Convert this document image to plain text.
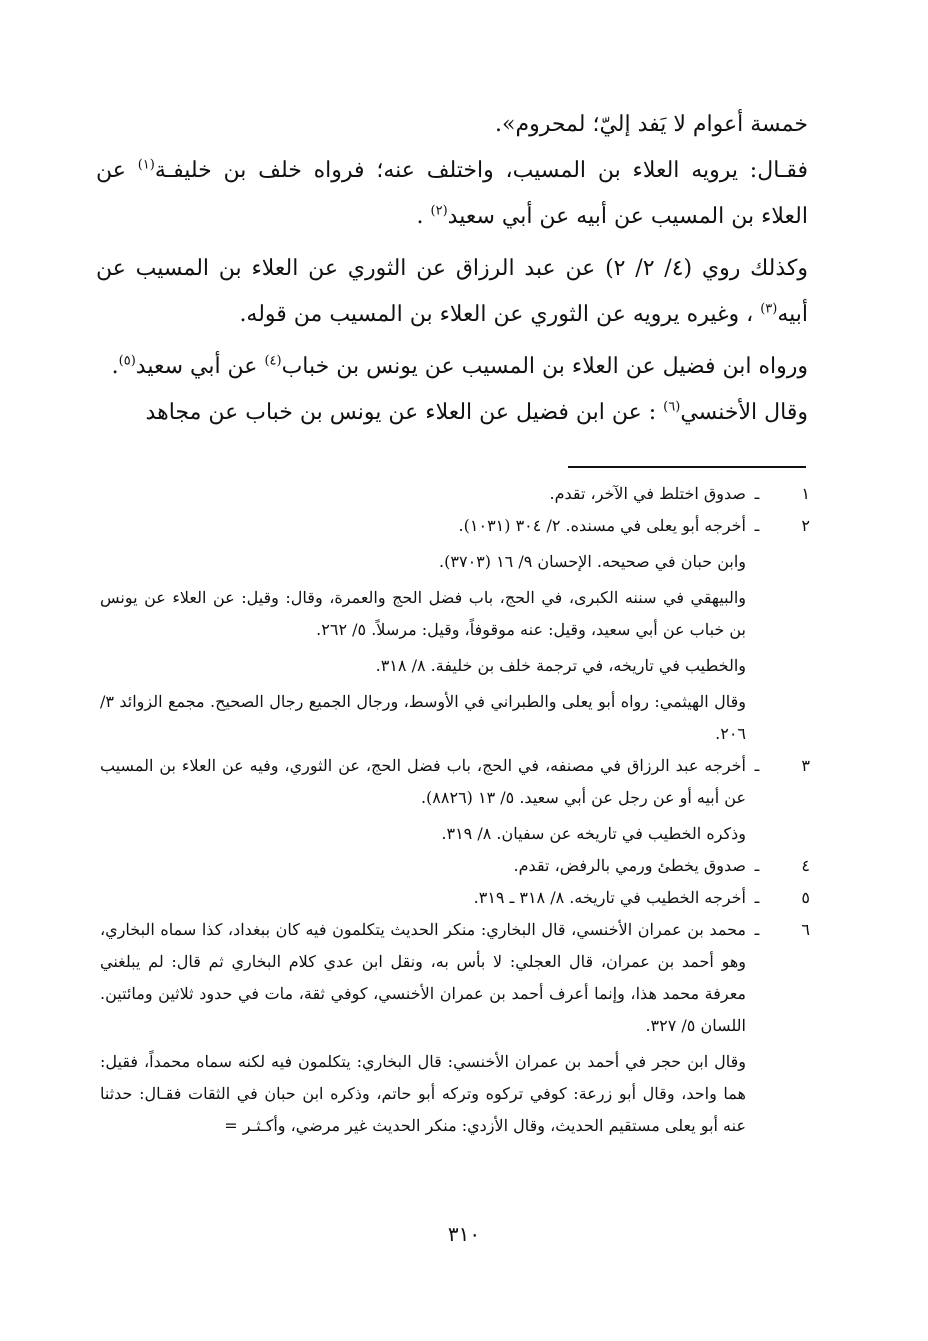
خمسة أعوام لا يَفد إليّ؛ لمحروم».

فقـال: يرويه العلاء بن المسيب، واختلف عنه؛ فرواه خلف بن خليفـة$^{(١)}$ عن العلاء بن المسيب عن أبيه عن أبي سعيد$^{(٢)}$ .

وكذلك روي (٤/ ٢/ ٢) عن عبد الرزاق عن الثوري عن العلاء بن المسيب عن أبيه$^{(٣)}$ ، وغيره يرويه عن الثوري عن العلاء بن المسيب من قوله.

ورواه ابن فضيل عن العلاء بن المسيب عن يونس بن خباب$^{(٤)}$ عن أبي سعيد$^{(٥)}$.

وقال الأخنسي$^{(٦)}$ : عن ابن فضيل عن العلاء عن يونس بن خباب عن مجاهد

١
ـ

صدوق اختلط في الآخر، تقدم.

٢
ـ

أخرجه أبو يعلى في مسنده. ٢/ ٣٠٤ (١٠٣١).

وابن حبان في صحيحه. الإحسان ٩/ ١٦ (٣٧٠٣).

والبيهقي في سننه الكبرى، في الحج، باب فضل الحج والعمرة، وقال: وقيل: عن العلاء عن يونس بن خباب عن أبي سعيد، وقيل: عنه موقوفاً، وقيل: مرسلاً. ٥/ ٢٦٢.

والخطيب في تاريخه، في ترجمة خلف بن خليفة. ٨/ ٣١٨.

وقال الهيثمي: رواه أبو يعلى والطبراني في الأوسط، ورجال الجميع رجال الصحيح. مجمع الزوائد ٣/ ٢٠٦.

٣
ـ

أخرجه عبد الرزاق في مصنفه، في الحج، باب فضل الحج، عن الثوري، وفيه عن العلاء بن المسيب عن أبيه أو عن رجل عن أبي سعيد. ٥/ ١٣ (٨٨٢٦).

وذكره الخطيب في تاريخه عن سفيان. ٨/ ٣١٩.

٤
ـ

صدوق يخطئ ورمي بالرفض، تقدم.

٥
ـ

أخرجه الخطيب في تاريخه. ٨/ ٣١٨ ـ ٣١٩.

٦
ـ

محمد بن عمران الأخنسي، قال البخاري: منكر الحديث يتكلمون فيه كان ببغداد، كذا سماه البخاري، وهو أحمد بن عمران، قال العجلي: لا بأس به، ونقل ابن عدي كلام البخاري ثم قال: لم يبلغني معرفة محمد هذا، وإنما أعرف أحمد بن عمران الأخنسي، كوفي ثقة، مات في حدود ثلاثين ومائتين. اللسان ٥/ ٣٢٧.

وقال ابن حجر في أحمد بن عمران الأخنسي: قال البخاري: يتكلمون فيه لكنه سماه محمداً، فقيل: هما واحد، وقال أبو زرعة: كوفي تركوه وتركه أبو حاتم، وذكره ابن حبان في الثقات فقـال: حدثنا عنه أبو يعلى مستقيم الحديث، وقال الأزدي: منكر الحديث غير مرضي، وأكـثـر =

٣١٠
